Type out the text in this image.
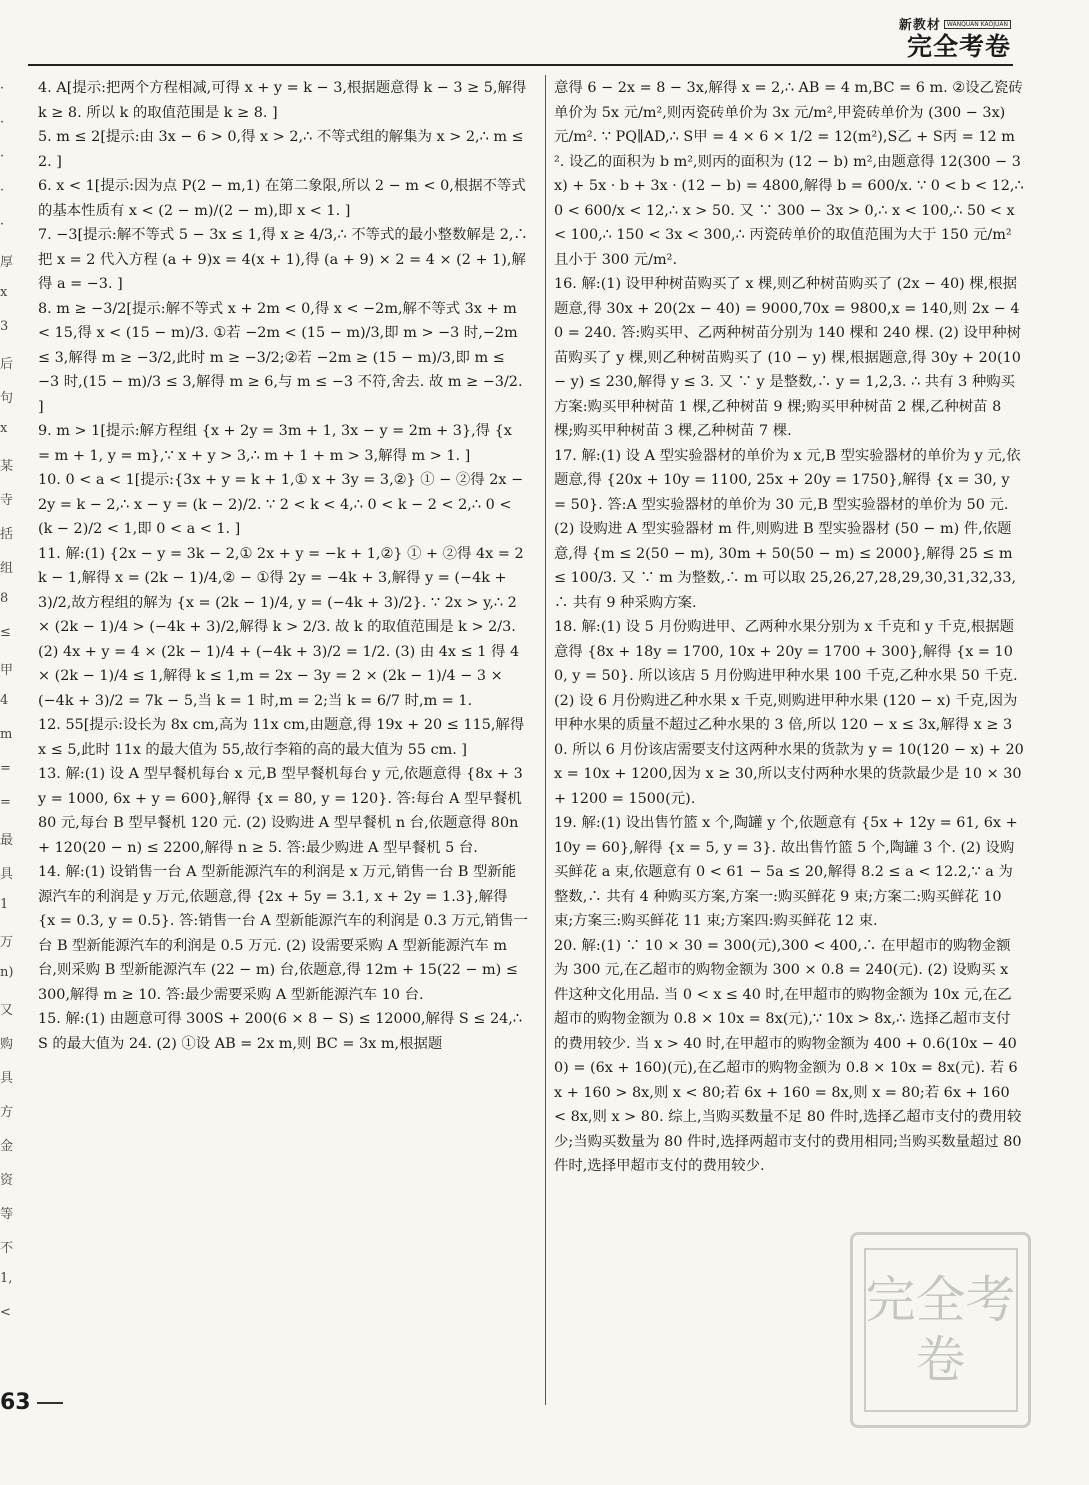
新教材 WANQUAN KAOJUAN
完全考卷
·
·
·
·
·
厚
x
3
后
句
x
某
寺
括
组
8
≤
甲
4
m
=
=
最
具
1
万
n)
又
购
具
方
金
资
等
不
1,
<

4. A[提示:把两个方程相减,可得 x + y = k − 3,根据题意得 k − 3 ≥ 5,解得 k ≥ 8. 所以 k 的取值范围是 k ≥ 8. ]

5. m ≤ 2[提示:由 3x − 6 > 0,得 x > 2,∴ 不等式组的解集为 x > 2,∴ m ≤ 2. ]

6. x < 1[提示:因为点 P(2 − m,1) 在第二象限,所以 2 − m < 0,根据不等式的基本性质有 x < (2 − m)/(2 − m),即 x < 1. ]

7. −3[提示:解不等式 5 − 3x ≤ 1,得 x ≥ 4/3,∴ 不等式的最小整数解是 2,∴ 把 x = 2 代入方程 (a + 9)x = 4(x + 1),得 (a + 9) × 2 = 4 × (2 + 1),解得 a = −3. ]

8. m ≥ −3/2[提示:解不等式 x + 2m < 0,得 x < −2m,解不等式 3x + m < 15,得 x < (15 − m)/3. ①若 −2m < (15 − m)/3,即 m > −3 时,−2m ≤ 3,解得 m ≥ −3/2,此时 m ≥ −3/2;②若 −2m ≥ (15 − m)/3,即 m ≤ −3 时,(15 − m)/3 ≤ 3,解得 m ≥ 6,与 m ≤ −3 不符,舍去. 故 m ≥ −3/2. ]

9. m > 1[提示:解方程组 {x + 2y = 3m + 1, 3x − y = 2m + 3},得 {x = m + 1, y = m},∵ x + y > 3,∴ m + 1 + m > 3,解得 m > 1. ]

10. 0 < a < 1[提示:{3x + y = k + 1,① x + 3y = 3,②} ① − ②得 2x − 2y = k − 2,∴ x − y = (k − 2)/2. ∵ 2 < k < 4,∴ 0 < k − 2 < 2,∴ 0 < (k − 2)/2 < 1,即 0 < a < 1. ]

11. 解:(1) {2x − y = 3k − 2,① 2x + y = −k + 1,②} ① + ②得 4x = 2k − 1,解得 x = (2k − 1)/4,② − ①得 2y = −4k + 3,解得 y = (−4k + 3)/2,故方程组的解为 {x = (2k − 1)/4, y = (−4k + 3)/2}. ∵ 2x > y,∴ 2 × (2k − 1)/4 > (−4k + 3)/2,解得 k > 2/3. 故 k 的取值范围是 k > 2/3. (2) 4x + y = 4 × (2k − 1)/4 + (−4k + 3)/2 = 1/2. (3) 由 4x ≤ 1 得 4 × (2k − 1)/4 ≤ 1,解得 k ≤ 1,m = 2x − 3y = 2 × (2k − 1)/4 − 3 × (−4k + 3)/2 = 7k − 5,当 k = 1 时,m = 2;当 k = 6/7 时,m = 1.

12. 55[提示:设长为 8x cm,高为 11x cm,由题意,得 19x + 20 ≤ 115,解得 x ≤ 5,此时 11x 的最大值为 55,故行李箱的高的最大值为 55 cm. ]

13. 解:(1) 设 A 型早餐机每台 x 元,B 型早餐机每台 y 元,依题意得 {8x + 3y = 1000, 6x + y = 600},解得 {x = 80, y = 120}. 答:每台 A 型早餐机 80 元,每台 B 型早餐机 120 元. (2) 设购进 A 型早餐机 n 台,依题意得 80n + 120(20 − n) ≤ 2200,解得 n ≥ 5. 答:最少购进 A 型早餐机 5 台.

14. 解:(1) 设销售一台 A 型新能源汽车的利润是 x 万元,销售一台 B 型新能源汽车的利润是 y 万元,依题意,得 {2x + 5y = 3.1, x + 2y = 1.3},解得 {x = 0.3, y = 0.5}. 答:销售一台 A 型新能源汽车的利润是 0.3 万元,销售一台 B 型新能源汽车的利润是 0.5 万元. (2) 设需要采购 A 型新能源汽车 m 台,则采购 B 型新能源汽车 (22 − m) 台,依题意,得 12m + 15(22 − m) ≤ 300,解得 m ≥ 10. 答:最少需要采购 A 型新能源汽车 10 台.

15. 解:(1) 由题意可得 300S + 200(6 × 8 − S) ≤ 12000,解得 S ≤ 24,∴ S 的最大值为 24. (2) ①设 AB = 2x m,则 BC = 3x m,根据题

意得 6 − 2x = 8 − 3x,解得 x = 2,∴ AB = 4 m,BC = 6 m. ②设乙瓷砖单价为 5x 元/m²,则丙瓷砖单价为 3x 元/m²,甲瓷砖单价为 (300 − 3x) 元/m². ∵ PQ∥AD,∴ S甲 = 4 × 6 × 1/2 = 12(m²),S乙 + S丙 = 12 m². 设乙的面积为 b m²,则丙的面积为 (12 − b) m²,由题意得 12(300 − 3x) + 5x · b + 3x · (12 − b) = 4800,解得 b = 600/x. ∵ 0 < b < 12,∴ 0 < 600/x < 12,∴ x > 50. 又 ∵ 300 − 3x > 0,∴ x < 100,∴ 50 < x < 100,∴ 150 < 3x < 300,∴ 丙瓷砖单价的取值范围为大于 150 元/m² 且小于 300 元/m².

16. 解:(1) 设甲种树苗购买了 x 棵,则乙种树苗购买了 (2x − 40) 棵,根据题意,得 30x + 20(2x − 40) = 9000,70x = 9800,x = 140,则 2x − 40 = 240. 答:购买甲、乙两种树苗分别为 140 棵和 240 棵. (2) 设甲种树苗购买了 y 棵,则乙种树苗购买了 (10 − y) 棵,根据题意,得 30y + 20(10 − y) ≤ 230,解得 y ≤ 3. 又 ∵ y 是整数,∴ y = 1,2,3. ∴ 共有 3 种购买方案:购买甲种树苗 1 棵,乙种树苗 9 棵;购买甲种树苗 2 棵,乙种树苗 8 棵;购买甲种树苗 3 棵,乙种树苗 7 棵.

17. 解:(1) 设 A 型实验器材的单价为 x 元,B 型实验器材的单价为 y 元,依题意,得 {20x + 10y = 1100, 25x + 20y = 1750},解得 {x = 30, y = 50}. 答:A 型实验器材的单价为 30 元,B 型实验器材的单价为 50 元. (2) 设购进 A 型实验器材 m 件,则购进 B 型实验器材 (50 − m) 件,依题意,得 {m ≤ 2(50 − m), 30m + 50(50 − m) ≤ 2000},解得 25 ≤ m ≤ 100/3. 又 ∵ m 为整数,∴ m 可以取 25,26,27,28,29,30,31,32,33,∴ 共有 9 种采购方案.

18. 解:(1) 设 5 月份购进甲、乙两种水果分别为 x 千克和 y 千克,根据题意得 {8x + 18y = 1700, 10x + 20y = 1700 + 300},解得 {x = 100, y = 50}. 所以该店 5 月份购进甲种水果 100 千克,乙种水果 50 千克. (2) 设 6 月份购进乙种水果 x 千克,则购进甲种水果 (120 − x) 千克,因为甲种水果的质量不超过乙种水果的 3 倍,所以 120 − x ≤ 3x,解得 x ≥ 30. 所以 6 月份该店需要支付这两种水果的货款为 y = 10(120 − x) + 20x = 10x + 1200,因为 x ≥ 30,所以支付两种水果的货款最少是 10 × 30 + 1200 = 1500(元).

19. 解:(1) 设出售竹篮 x 个,陶罐 y 个,依题意有 {5x + 12y = 61, 6x + 10y = 60},解得 {x = 5, y = 3}. 故出售竹篮 5 个,陶罐 3 个. (2) 设购买鲜花 a 束,依题意有 0 < 61 − 5a ≤ 20,解得 8.2 ≤ a < 12.2,∵ a 为整数,∴ 共有 4 种购买方案,方案一:购买鲜花 9 束;方案二:购买鲜花 10 束;方案三:购买鲜花 11 束;方案四:购买鲜花 12 束.

20. 解:(1) ∵ 10 × 30 = 300(元),300 < 400,∴ 在甲超市的购物金额为 300 元,在乙超市的购物金额为 300 × 0.8 = 240(元). (2) 设购买 x 件这种文化用品. 当 0 < x ≤ 40 时,在甲超市的购物金额为 10x 元,在乙超市的购物金额为 0.8 × 10x = 8x(元),∵ 10x > 8x,∴ 选择乙超市支付的费用较少. 当 x > 40 时,在甲超市的购物金额为 400 + 0.6(10x − 400) = (6x + 160)(元),在乙超市的购物金额为 0.8 × 10x = 8x(元). 若 6x + 160 > 8x,则 x < 80;若 6x + 160 = 8x,则 x = 80;若 6x + 160 < 8x,则 x > 80. 综上,当购买数量不足 80 件时,选择乙超市支付的费用较少;当购买数量为 80 件时,选择两超市支付的费用相同;当购买数量超过 80 件时,选择甲超市支付的费用较少.

63
完全考卷
